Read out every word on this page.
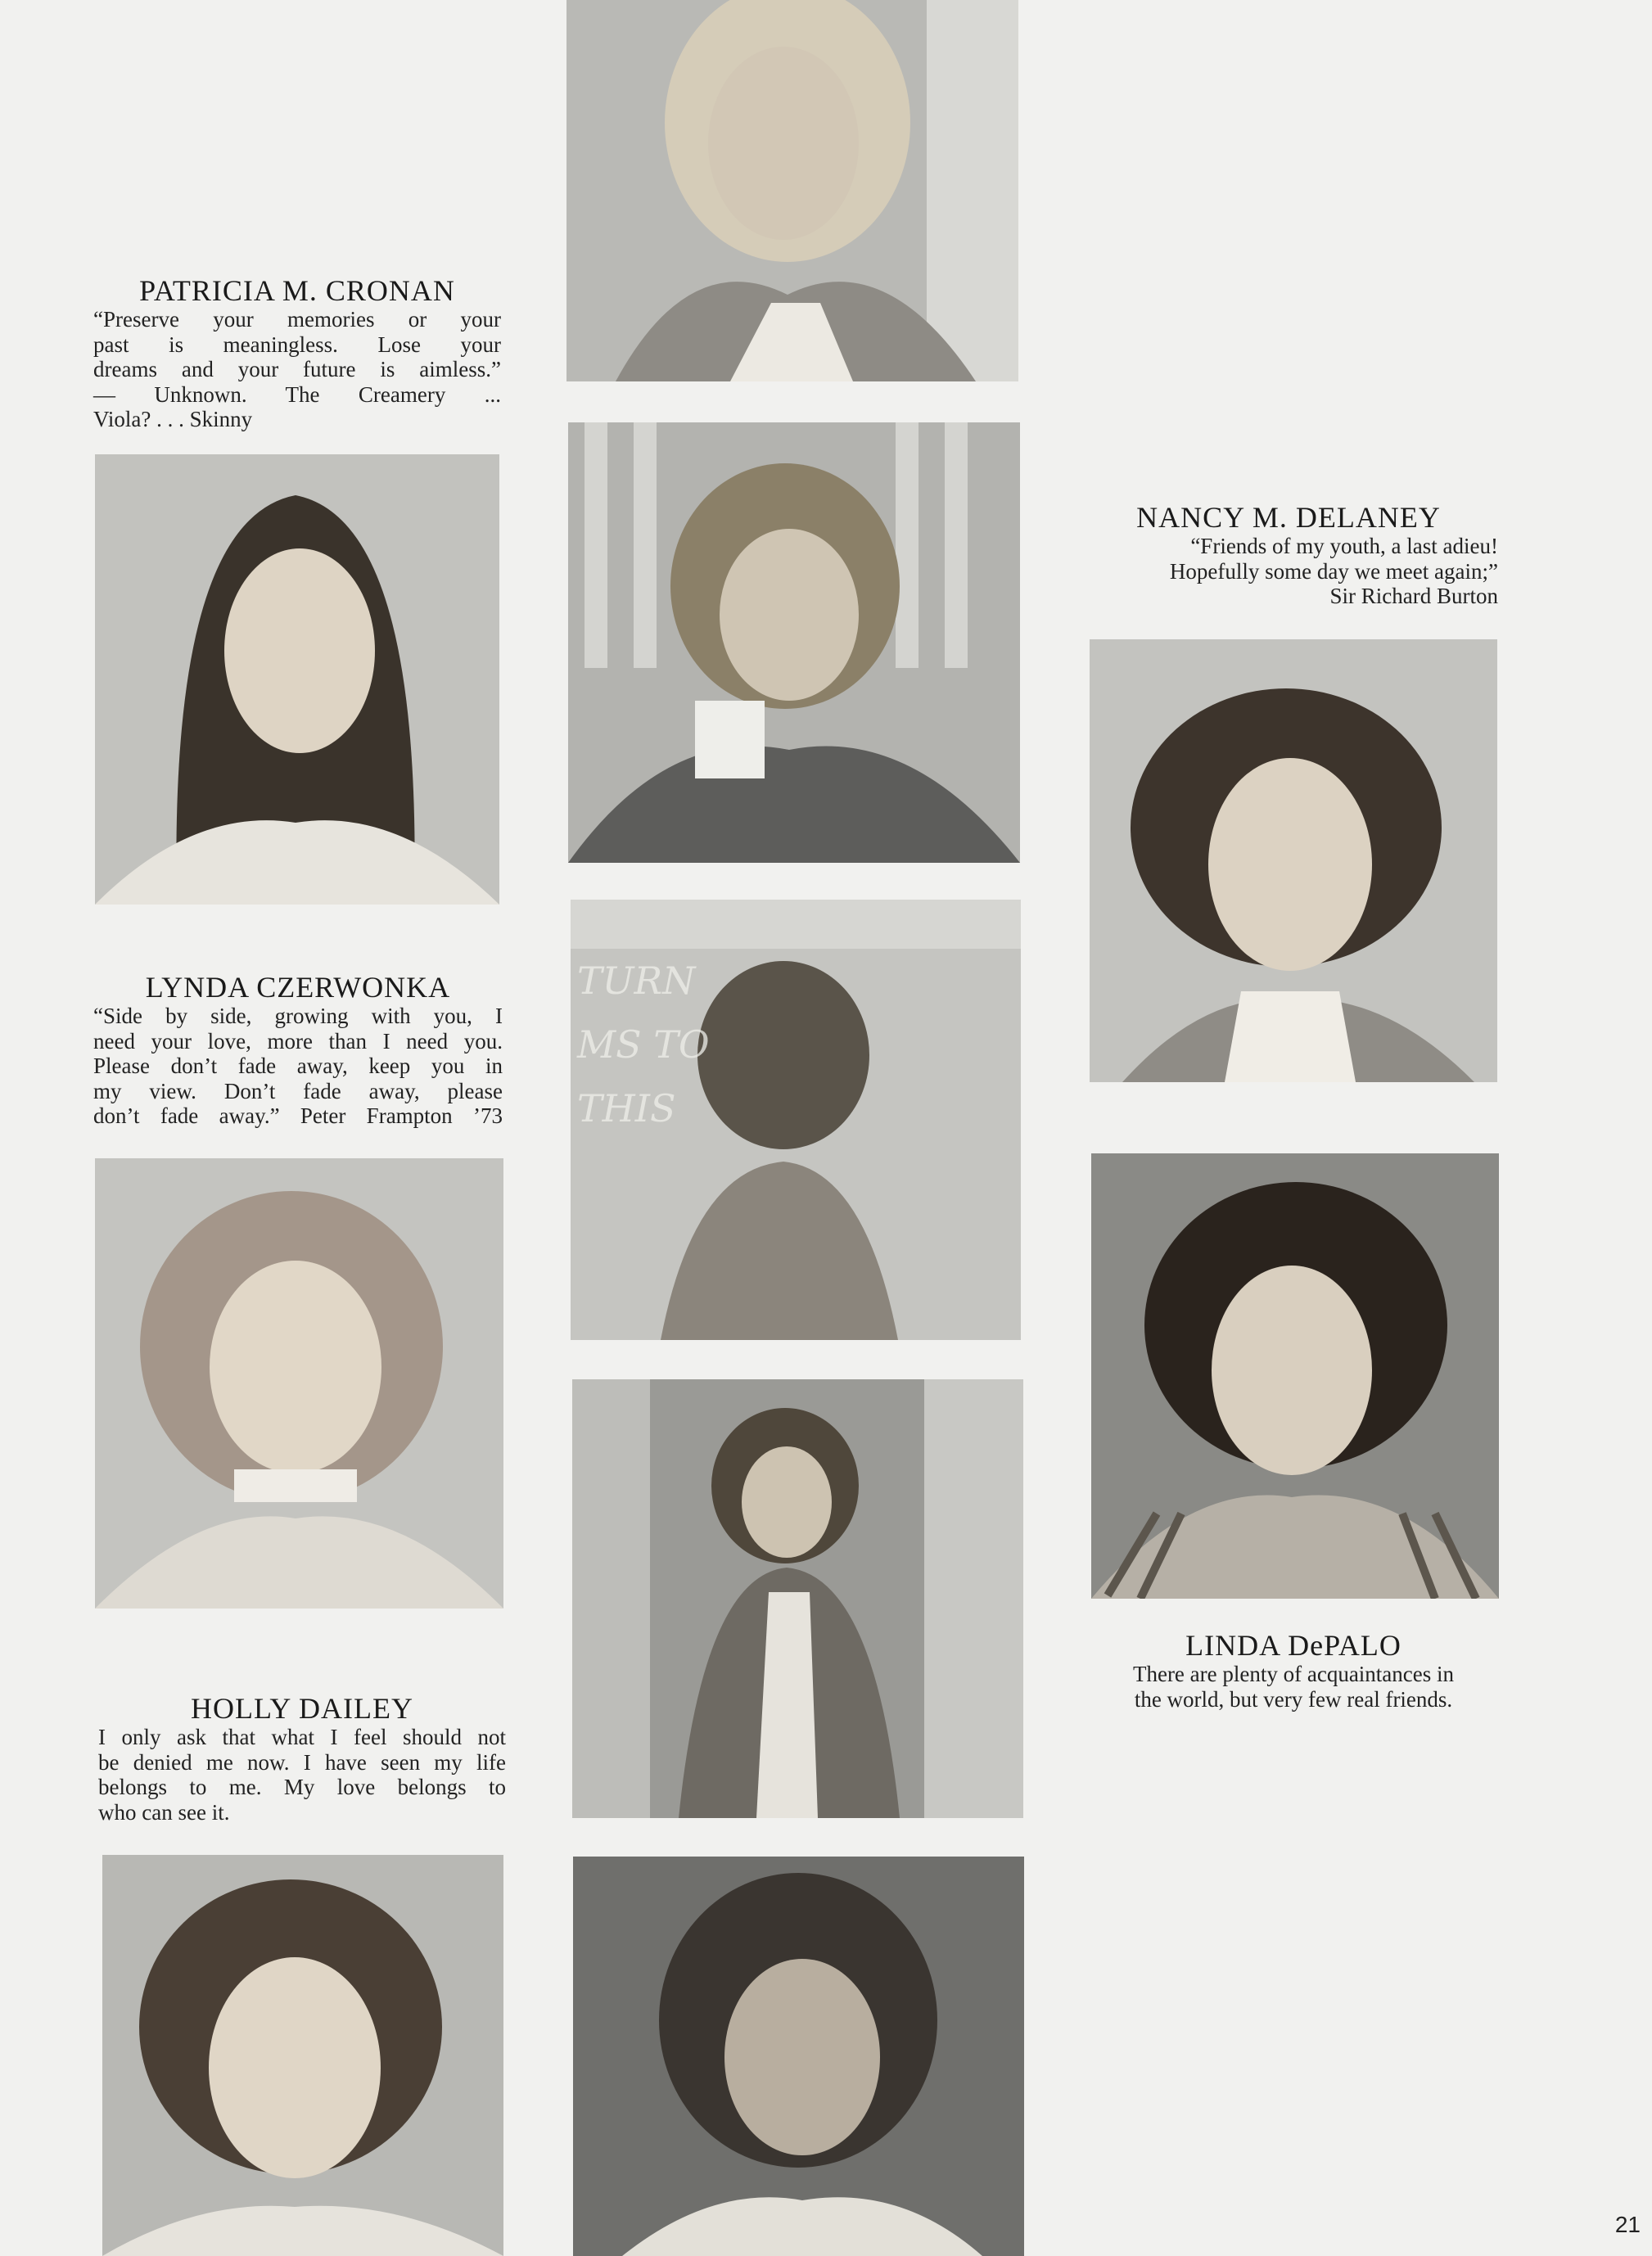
TURN
MS TO
THIS
PATRICIA M. CRONAN

“Preserve your memories or your
past is meaningless. Lose your
dreams and your future is aimless.”
— Unknown. The Creamery ...
Viola? . . . Skinny

LYNDA CZERWONKA

“Side by side, growing with you, I
need your love, more than I need you.
Please don’t fade away, keep you in
my view. Don’t fade away, please
don’t fade away.” Peter Frampton ’73

HOLLY DAILEY

I only ask that what I feel should not
be denied me now. I have seen my life
belongs to me. My love belongs to
who can see it.

NANCY M. DELANEY

“Friends of my youth, a last adieu!
Hopefully some day we meet again;”
Sir Richard Burton

LINDA DePALO

There are plenty of acquaintances in
the world, but very few real friends.

21
